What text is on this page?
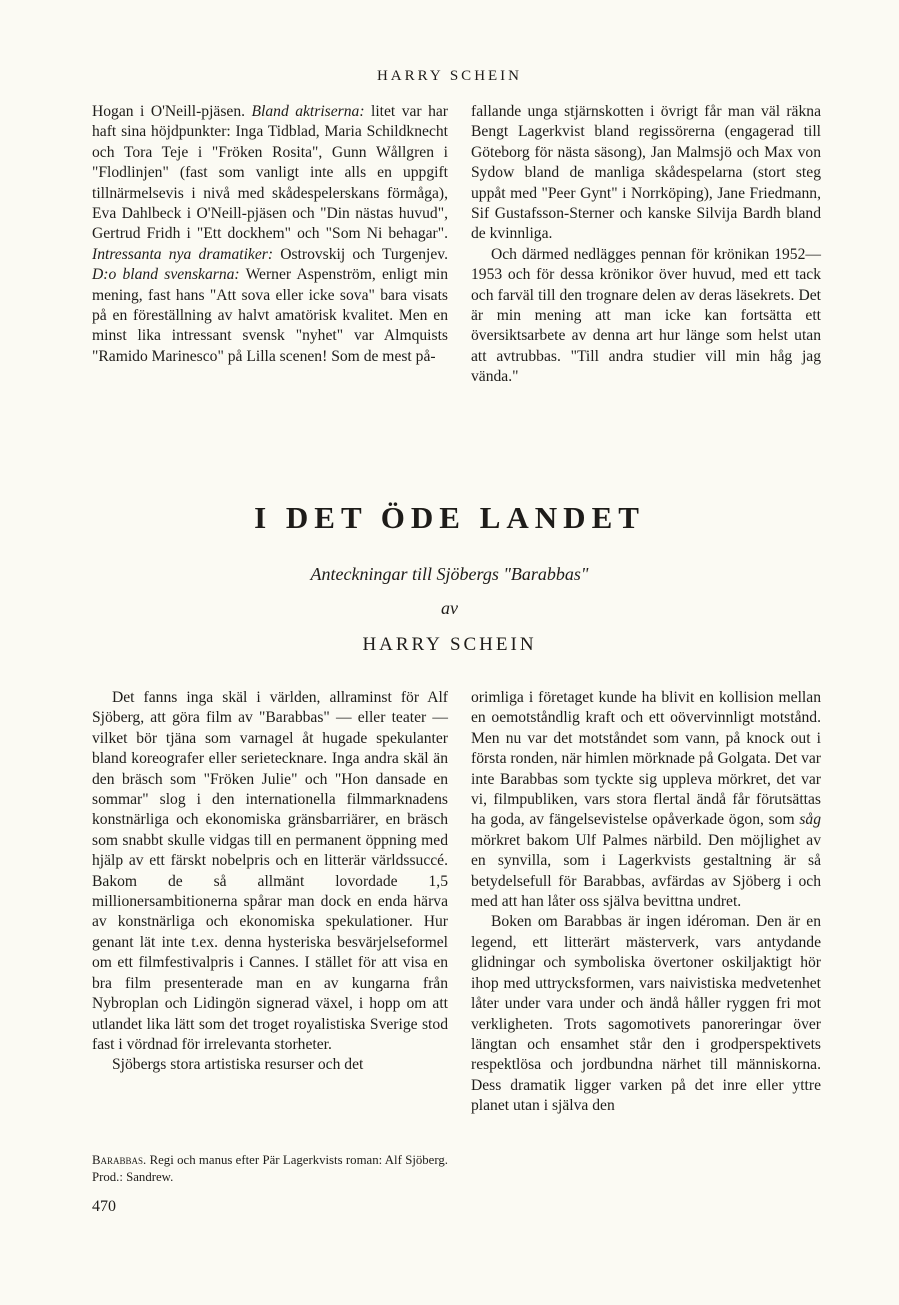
HARRY SCHEIN

Hogan i O'Neill-pjäsen. Bland aktriserna: litet var har haft sina höjdpunkter: Inga Tidblad, Maria Schildknecht och Tora Teje i "Fröken Rosita", Gunn Wållgren i "Flodlinjen" (fast som vanligt inte alls en uppgift tillnärmelsevis i nivå med skådespelerskans förmåga), Eva Dahlbeck i O'Neill-pjäsen och "Din nästas huvud", Gertrud Fridh i "Ett dockhem" och "Som Ni behagar". Intressanta nya dramatiker: Ostrovskij och Turgenjev. D:o bland svenskarna: Werner Aspenström, enligt min mening, fast hans "Att sova eller icke sova" bara visats på en föreställning av halvt amatörisk kvalitet. Men en minst lika intressant svensk "nyhet" var Almquists "Ramido Marinesco" på Lilla scenen! Som de mest på-

fallande unga stjärnskotten i övrigt får man väl räkna Bengt Lagerkvist bland regissörerna (engagerad till Göteborg för nästa säsong), Jan Malmsjö och Max von Sydow bland de manliga skådespelarna (stort steg uppåt med "Peer Gynt" i Norrköping), Jane Friedmann, Sif Gustafsson-Sterner och kanske Silvija Bardh bland de kvinnliga.

Och därmed nedlägges pennan för krönikan 1952—1953 och för dessa krönikor över huvud, med ett tack och farväl till den trognare delen av deras läsekrets. Det är min mening att man icke kan fortsätta ett översiktsarbete av denna art hur länge som helst utan att avtrubbas. "Till andra studier vill min håg jag vända."

I DET ÖDE LANDET
Anteckningar till Sjöbergs "Barabbas"
av
HARRY SCHEIN

Det fanns inga skäl i världen, allraminst för Alf Sjöberg, att göra film av "Barabbas" — eller teater — vilket bör tjäna som varnagel åt hugade spekulanter bland koreografer eller serietecknare. Inga andra skäl än den bräsch som "Fröken Julie" och "Hon dansade en sommar" slog i den internationella filmmarknadens konstnärliga och ekonomiska gränsbarriärer, en bräsch som snabbt skulle vidgas till en permanent öppning med hjälp av ett färskt nobelpris och en litterär världssuccé. Bakom de så allmänt lovordade 1,5 millionersambitionerna spårar man dock en enda härva av konstnärliga och ekonomiska spekulationer. Hur genant lät inte t.ex. denna hysteriska besvärjelseformel om ett filmfestivalpris i Cannes. I stället för att visa en bra film presenterade man en av kungarna från Nybroplan och Lidingön signerad växel, i hopp om att utlandet lika lätt som det troget royalistiska Sverige stod fast i vördnad för irrelevanta storheter.

Sjöbergs stora artistiska resurser och det

Barabbas. Regi och manus efter Pär Lagerkvists roman: Alf Sjöberg. Prod.: Sandrew.

orimliga i företaget kunde ha blivit en kollision mellan en oemotståndlig kraft och ett oövervinnligt motstånd. Men nu var det motståndet som vann, på knock out i första ronden, när himlen mörknade på Golgata. Det var inte Barabbas som tyckte sig uppleva mörkret, det var vi, filmpubliken, vars stora flertal ändå får förutsättas ha goda, av fängelsevistelse opåverkade ögon, som såg mörkret bakom Ulf Palmes närbild. Den möjlighet av en synvilla, som i Lagerkvists gestaltning är så betydelsefull för Barabbas, avfärdas av Sjöberg i och med att han låter oss själva bevittna undret.

Boken om Barabbas är ingen idéroman. Den är en legend, ett litterärt mästerverk, vars antydande glidningar och symboliska övertoner oskiljaktigt hör ihop med uttrycksformen, vars naivistiska medvetenhet låter under vara under och ändå håller ryggen fri mot verkligheten. Trots sagomotivets panoreringar över längtan och ensamhet står den i grodperspektivets respektlösa och jordbundna närhet till människorna. Dess dramatik ligger varken på det inre eller yttre planet utan i själva den

470
